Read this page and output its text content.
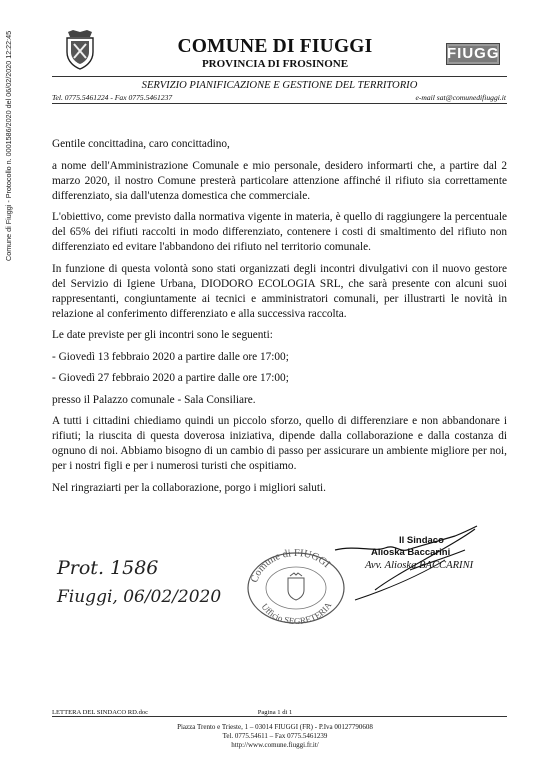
Comune di Fiuggi - Protocollo n. 0001586/2020 del 06/02/2020 12:22:45	COMUNE DI FIUGGI
PROVINCIA DI FROSINONE
FIUGGI
SERVIZIO PIANIFICAZIONE E GESTIONE DEL TERRITORIO
Tel. 0775.5461224 - Fax 0775.5461237	e-mail sat@comunedifiuggi.it

Gentile concittadina, caro concittadino,

a nome dell'Amministrazione Comunale e mio personale, desidero informarti che, a partire dal 2 marzo 2020, il nostro Comune presterà particolare attenzione affinché il rifiuto sia correttamente differenziato, sia dall'utenza domestica che commerciale.

L'obiettivo, come previsto dalla normativa vigente in materia, è quello di raggiungere la percentuale del 65% dei rifiuti raccolti in modo differenziato, contenere i costi di smaltimento del rifiuto non differenziato ed evitare l'abbandono dei rifiuto nel territorio comunale.

In funzione di questa volontà sono stati organizzati degli incontri divulgativi con il nuovo gestore del Servizio di Igiene Urbana, DIODORO ECOLOGIA SRL, che sarà presente con alcuni suoi rappresentanti, congiuntamente ai tecnici e amministratori comunali, per illustrarti le novità in relazione al conferimento differenziato e alla successiva raccolta.

Le date previste per gli incontri sono le seguenti:

- Giovedì 13 febbraio 2020 a partire dalle ore 17:00;

- Giovedì 27 febbraio 2020 a partire dalle ore 17:00;

presso il Palazzo comunale - Sala Consiliare.

A tutti i cittadini chiediamo quindi un piccolo sforzo, quello di differenziare e non abbandonare i rifiuti; la riuscita di questa doverosa iniziativa, dipende dalla collaborazione e dalla costanza di ognuno di noi. Abbiamo bisogno di un cambio di passo per assicurare un ambiente migliore per noi, per i nostri figli e per i numerosi turisti che ospitiamo.

Nel ringraziarti per la collaborazione, porgo i migliori saluti.

Il Sindaco
Alioska Baccarini
Avv. Alioska BACCARINI
Comune di FIUGGI
Ufficio SEGRETERIA
Prot. 1586
Fiuggi, 06/02/2020
LETTERA DEL SINDACO RD.doc	Pagina 1 di 1
Piazza Trento e Trieste, 1 – 03014 FIUGGI (FR) - P.Iva 00127790608
Tel. 0775.54611 – Fax 0775.5461239
http://www.comune.fiuggi.fr.it/
